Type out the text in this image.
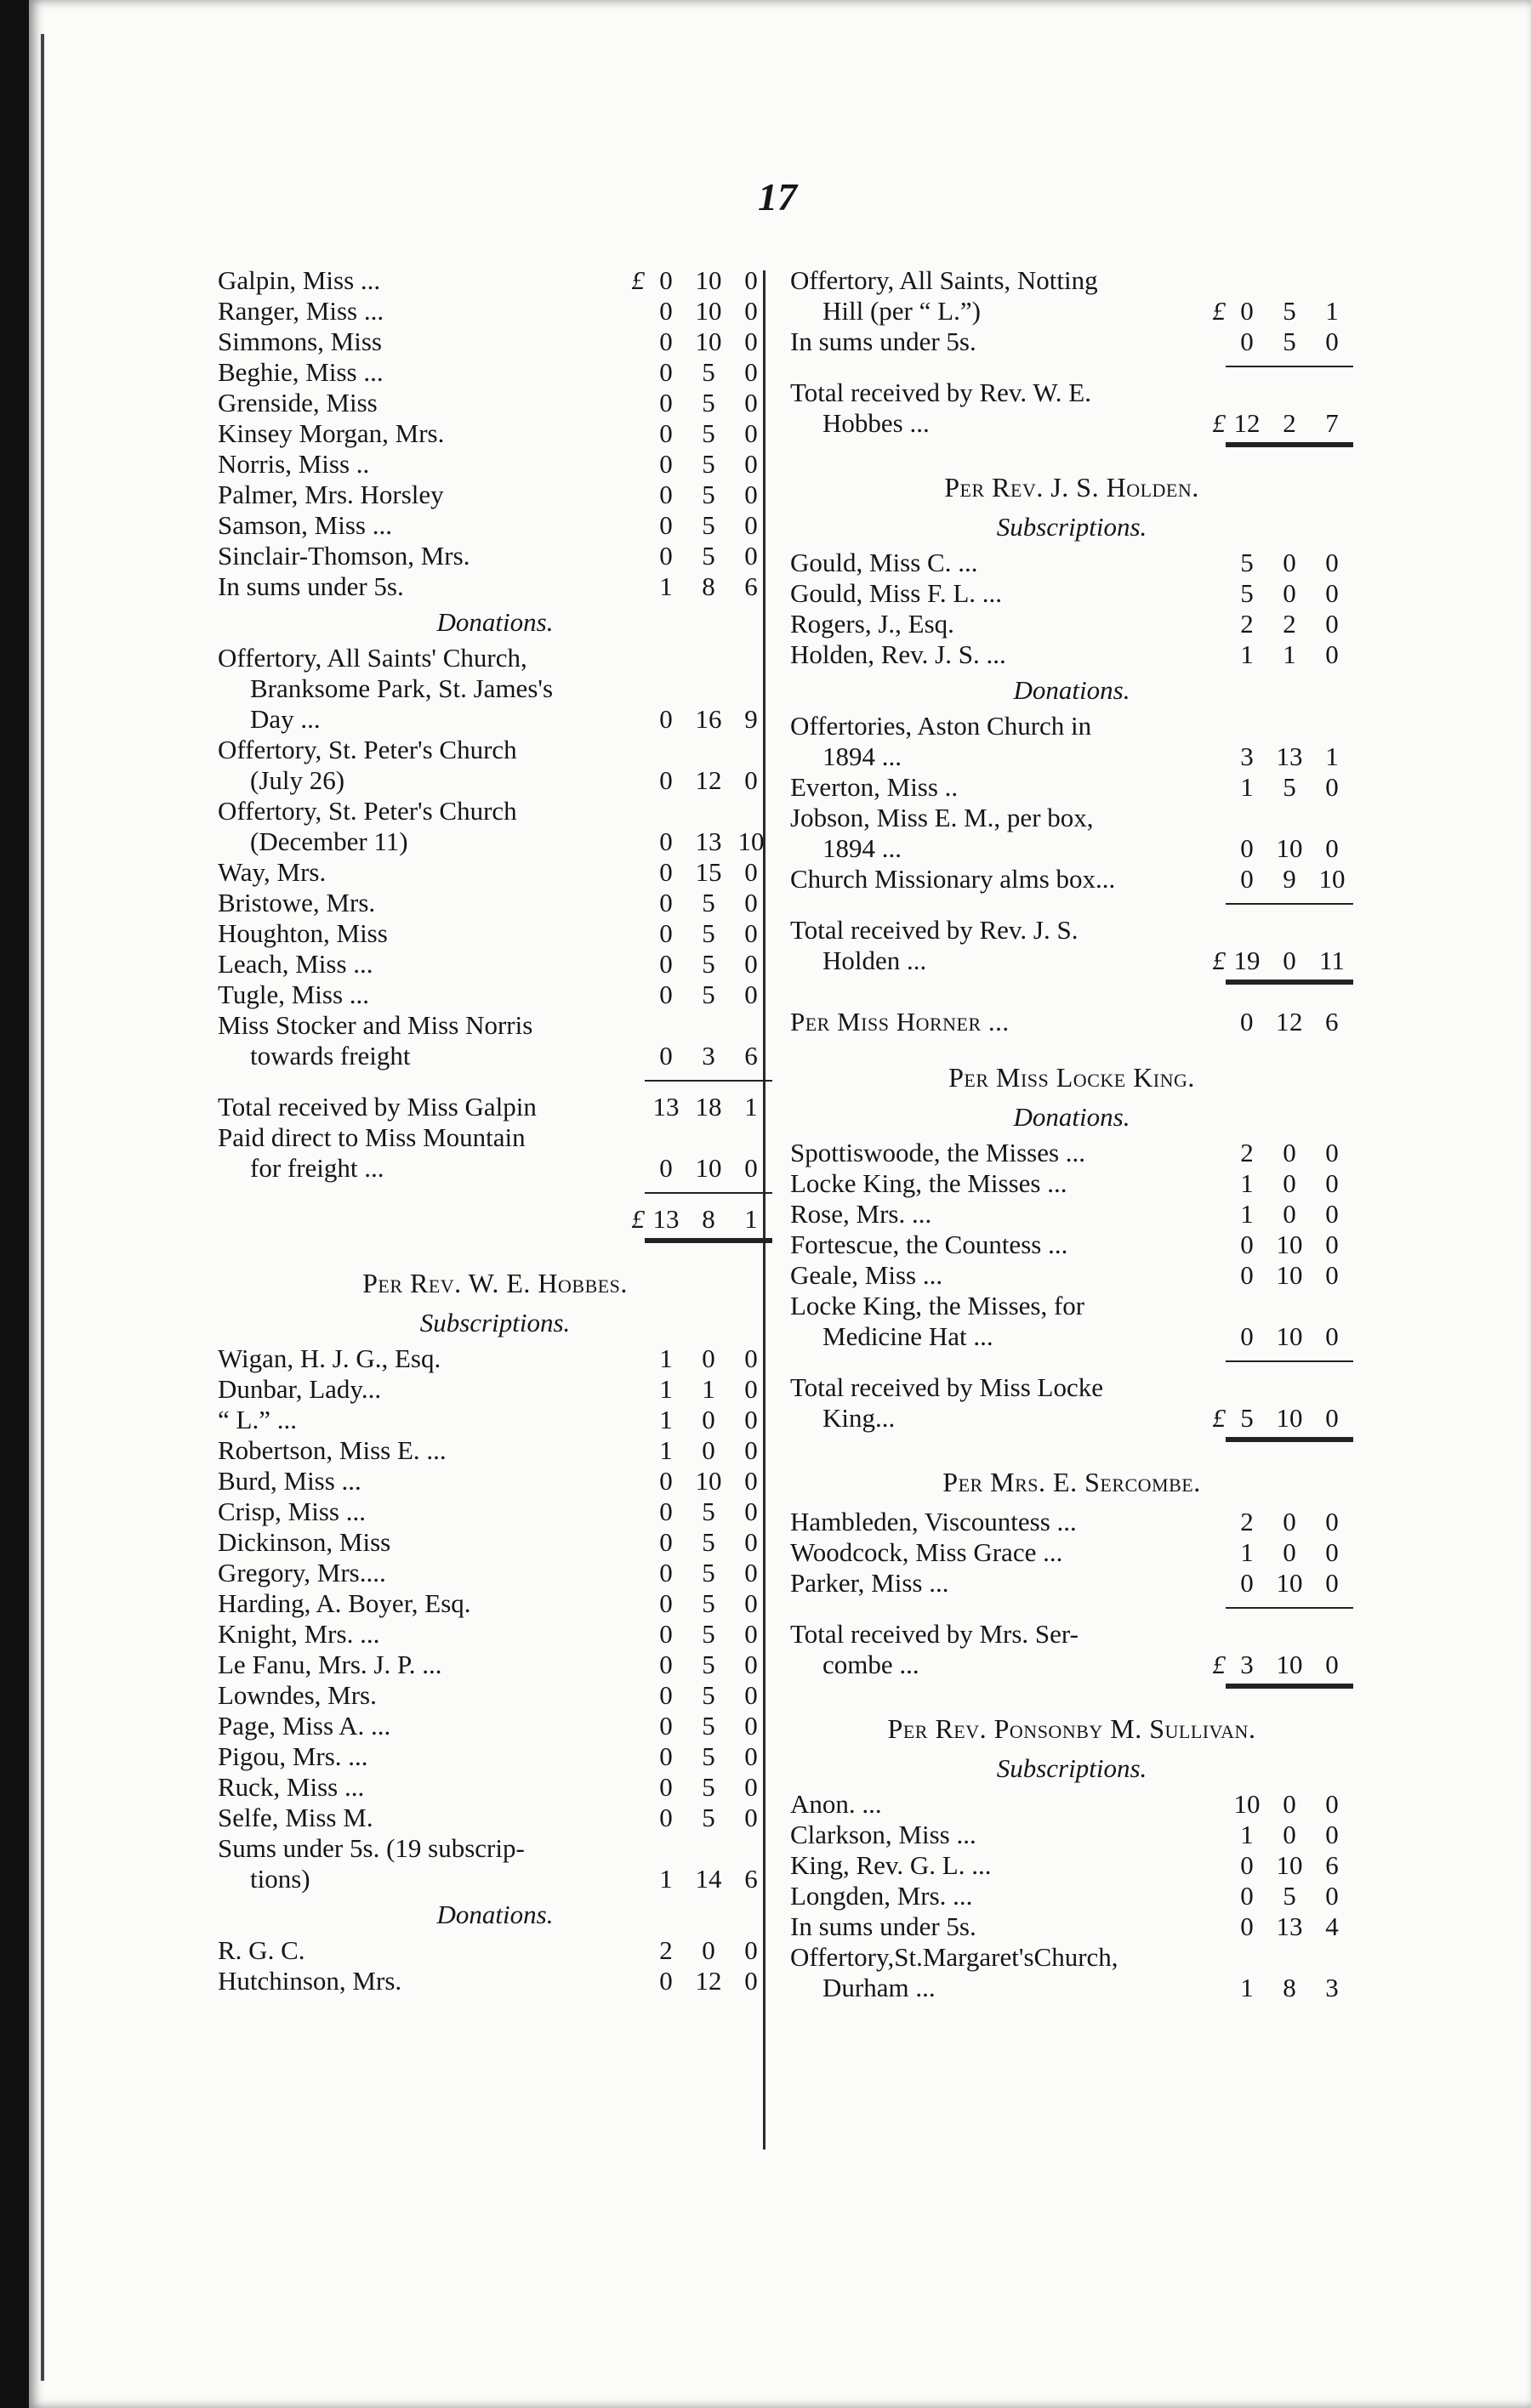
17
Galpin, Miss ...	£ 0 10 0
Ranger, Miss ...	0 10 0
Simmons, Miss	0 10 0
Beghie, Miss ...	0	5	0
Grenside, Miss	0	5	0
Kinsey Morgan, Mrs.	0	5	0
Norris, Miss ..	0	5	0
Palmer, Mrs. Horsley	0	5	0
Samson, Miss ...	0	5	0
Sinclair-Thomson, Mrs.	0	5	0
In sums under 5s.	1	8	6
Donations.
Offertory, All Saints' Church,
Branksome Park, St. James's
Day ...	0 16 9
Offertory, St. Peter's Church
(July 26)	0 12 0
Offertory, St. Peter's Church
(December 11)	0 13 10
Way, Mrs.	0 15 0
Bristowe, Mrs.	0	5	0
Houghton, Miss	0	5	0
Leach, Miss ...	0	5	0
Tugle, Miss ...	0	5	0
Miss Stocker and Miss Norris
towards freight	0	3	6
Total received by Miss Galpin	13 18 1
Paid direct to Miss Mountain
for freight ...	0 10 0

£ 13 8	1
Per Rev. W. E. Hobbes.
Subscriptions.
Wigan, H. J. G., Esq.	1	0	0
Dunbar, Lady...	1	1	0
“ L.” ...	1	0	0
Robertson, Miss E. ...	1	0	0
Burd, Miss ...	0 10 0
Crisp, Miss ...	0	5	0
Dickinson, Miss	0	5	0
Gregory, Mrs....	0	5	0
Harding, A. Boyer, Esq.	0	5	0
Knight, Mrs. ...	0	5	0
Le Fanu, Mrs. J. P. ...	0	5	0
Lowndes, Mrs.	0	5	0
Page, Miss A. ...	0	5	0
Pigou, Mrs. ...	0	5	0
Ruck, Miss ...	0	5	0
Selfe, Miss M.	0	5	0
Sums under 5s. (19 subscrip-
tions)	1 14 6
Donations.
R. G. C.	2	0	0
Hutchinson, Mrs.	0 12 0
Offertory, All Saints, Notting
Hill (per “ L.”)	£ 0	5	1
In sums under 5s.	0	5	0
Total received by Rev. W. E.
Hobbes ...	£ 12 2	7
Per Rev. J. S. Holden.
Subscriptions.
Gould, Miss C. ...	5	0	0
Gould, Miss F. L. ...	5	0	0
Rogers, J., Esq.	2	2	0
Holden, Rev. J. S. ...	1	1	0
Donations.
Offertories, Aston Church in
1894 ...	3 13 1
Everton, Miss ..	1	5	0
Jobson, Miss E. M., per box,
1894 ...	0 10 0
Church Missionary alms box...	0	9 10
Total received by Rev. J. S.
Holden ...	£ 19 0 11
Per Miss Horner ...	0 12 6
Per Miss Locke King.
Donations.
Spottiswoode, the Misses ...	2	0	0
Locke King, the Misses ...	1	0	0
Rose, Mrs. ...	1	0	0
Fortescue, the Countess ...	0 10 0
Geale, Miss ...	0 10 0
Locke King, the Misses, for
Medicine Hat ...	0 10 0
Total received by Miss Locke
King...	£ 5 10 0
Per Mrs. E. Sercombe.
Hambleden, Viscountess ...	2	0	0
Woodcock, Miss Grace ...	1	0	0
Parker, Miss ...	0 10 0
Total received by Mrs. Ser-
combe ...	£ 3 10 0
Per Rev. Ponsonby M. Sullivan.
Subscriptions.
Anon. ...	10 0	0
Clarkson, Miss ...	1	0	0
King, Rev. G. L. ...	0 10 6
Longden, Mrs. ...	0	5	0
In sums under 5s.	0 13 4
Offertory,St.Margaret'sChurch,
Durham ...	1	8	3
